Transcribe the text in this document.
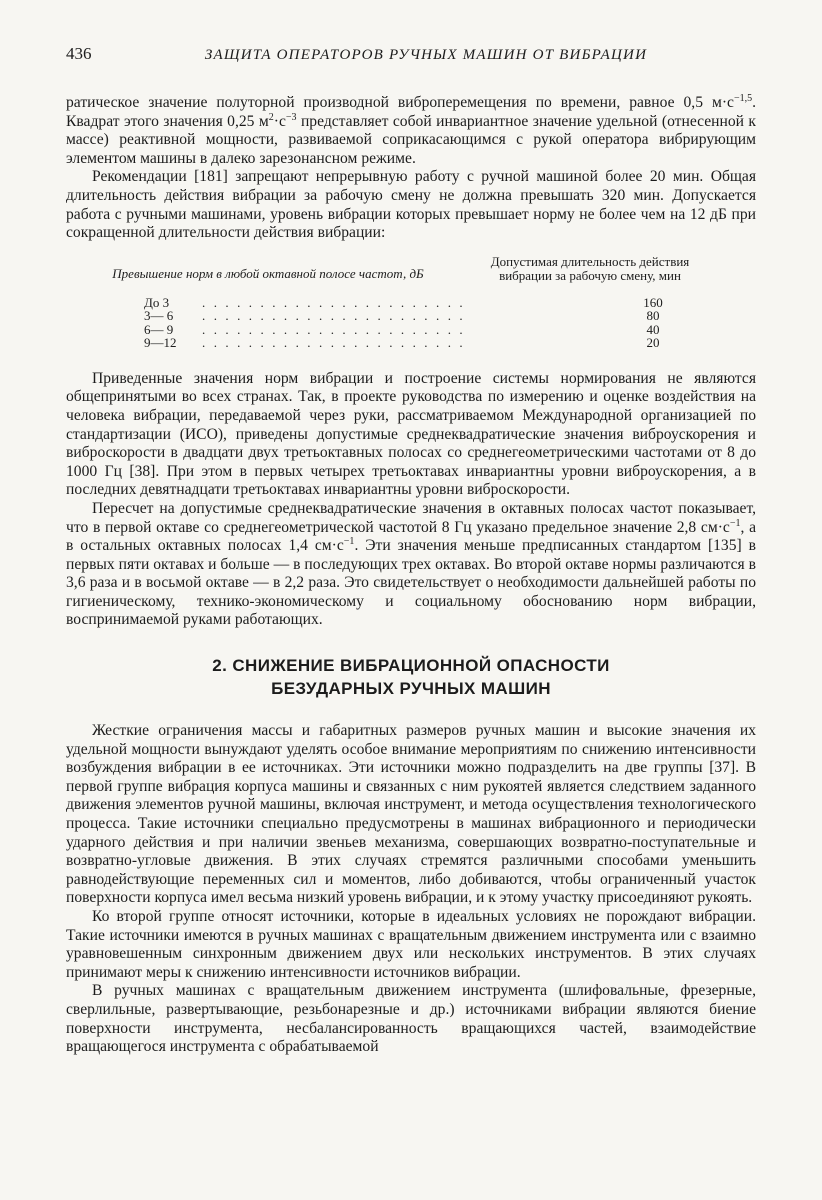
436	ЗАЩИТА ОПЕРАТОРОВ РУЧНЫХ МАШИН ОТ ВИБРАЦИИ

ратическое значение полуторной производной виброперемещения по времени, равное 0,5 $м\cdot с^{-1,5}$. Квадрат этого значения 0,25 $м^2\cdot с^{-3}$ представляет собой инвариантное значение удельной (отнесенной к массе) реактивной мощности, развиваемой соприкасающимся с рукой оператора вибрирующим элементом машины в далеко зарезонансном режиме.

Рекомендации [181] запрещают непрерывную работу с ручной машиной более 20 мин. Общая длительность действия вибрации за рабочую смену не должна превышать 320 мин. Допускается работа с ручными машинами, уровень вибрации которых превышает норму не более чем на 12 дБ при сокращенной длительности действия вибрации:

Превышение норм в любой октавной полосе частот, дБ
Допустимая длительность действия вибрации за рабочую смену, мин
До 3	. . . . . . . . . . . . . . . . . . . . . . .	160
3— 6	. . . . . . . . . . . . . . . . . . . . . . .	80
6— 9	. . . . . . . . . . . . . . . . . . . . . . .	40
9—12	. . . . . . . . . . . . . . . . . . . . . . .	20

Приведенные значения норм вибрации и построение системы нормирования не являются общепринятыми во всех странах. Так, в проекте руководства по измерению и оценке воздействия на человека вибрации, передаваемой через руки, рассматриваемом Международной организацией по стандартизации (ИСО), приведены допустимые среднеквадратические значения виброускорения и виброскорости в двадцати двух третьоктавных полосах со среднегеометрическими частотами от 8 до 1000 Гц [38]. При этом в первых четырех третьоктавах инвариантны уровни виброускорения, а в последних девятнадцати третьоктавах инвариантны уровни виброскорости.

Пересчет на допустимые среднеквадратические значения в октавных полосах частот показывает, что в первой октаве со среднегеометрической частотой 8 Гц указано предельное значение 2,8 $см\cdot с^{-1}$, а в остальных октавных полосах 1,4 $см\cdot с^{-1}$. Эти значения меньше предписанных стандартом [135] в первых пяти октавах и больше — в последующих трех октавах. Во второй октаве нормы различаются в 3,6 раза и в восьмой октаве — в 2,2 раза. Это свидетельствует о необходимости дальнейшей работы по гигиеническому, технико-экономическому и социальному обоснованию норм вибрации, воспринимаемой руками работающих.

2. СНИЖЕНИЕ ВИБРАЦИОННОЙ ОПАСНОСТИ
БЕЗУДАРНЫХ РУЧНЫХ МАШИН

Жесткие ограничения массы и габаритных размеров ручных машин и высокие значения их удельной мощности вынуждают уделять особое внимание мероприятиям по снижению интенсивности возбуждения вибрации в ее источниках. Эти источники можно подразделить на две группы [37]. В первой группе вибрация корпуса машины и связанных с ним рукоятей является следствием заданного движения элементов ручной машины, включая инструмент, и метода осуществления технологического процесса. Такие источники специально предусмотрены в машинах вибрационного и периодически ударного действия и при наличии звеньев механизма, совершающих возвратно-поступательные и возвратно-угловые движения. В этих случаях стремятся различными способами уменьшить равнодействующие переменных сил и моментов, либо добиваются, чтобы ограниченный участок поверхности корпуса имел весьма низкий уровень вибрации, и к этому участку присоединяют рукоять.

Ко второй группе относят источники, которые в идеальных условиях не порождают вибрации. Такие источники имеются в ручных машинах с вращательным движением инструмента или с взаимно уравновешенным синхронным движением двух или нескольких инструментов. В этих случаях принимают меры к снижению интенсивности источников вибрации.

В ручных машинах с вращательным движением инструмента (шлифовальные, фрезерные, сверлильные, развертывающие, резьбонарезные и др.) источниками вибрации являются биение поверхности инструмента, несбалансированность вращающихся частей, взаимодействие вращающегося инструмента с обрабатываемой
